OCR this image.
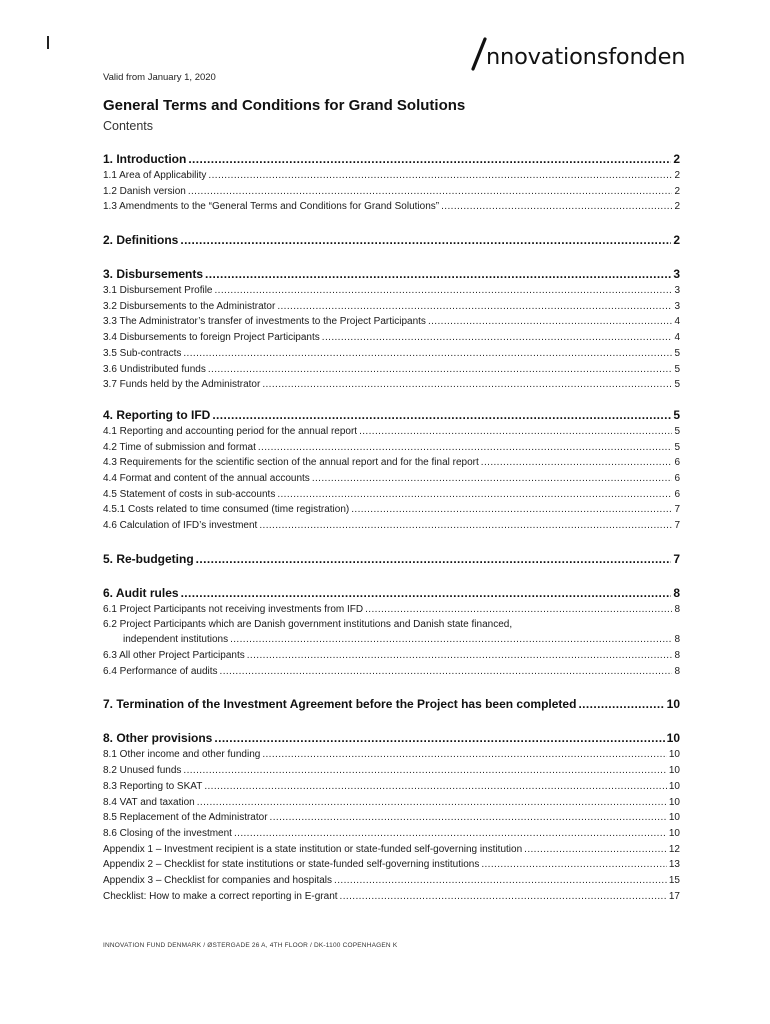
nnovationsfonden
Valid from January 1, 2020
General Terms and Conditions for Grand Solutions
Contents
1. Introduction .....	2
1.1 Area of Applicability .....	2
1.2 Danish version .....	2
1.3 Amendments to the “General Terms and Conditions for Grand Solutions” .....	2
2. Definitions .....	2
3. Disbursements .....	3
3.1 Disbursement Profile .....	3
3.2 Disbursements to the Administrator .....	3
3.3 The Administrator’s transfer of investments to the Project Participants .....	4
3.4 Disbursements to foreign Project Participants .....	4
3.5 Sub-contracts .....	5
3.6 Undistributed funds .....	5
3.7 Funds held by the Administrator .....	5
4. Reporting to IFD .....	5
4.1 Reporting and accounting period for the annual report .....	5
4.2 Time of submission and format .....	5
4.3 Requirements for the scientific section of the annual report and for the final report .....	6
4.4 Format and content of the annual accounts .....	6
4.5 Statement of costs in sub-accounts .....	6
4.5.1 Costs related to time consumed (time registration) .....	7
4.6 Calculation of IFD’s investment .....	7
5. Re-budgeting .....	7
6. Audit rules .....	8
6.1 Project Participants not receiving investments from IFD .....	8
6.2 Project Participants which are Danish government institutions and Danish state financed,
independent institutions .....	8
6.3 All other Project Participants .....	8
6.4 Performance of audits .....	8
7. Termination of the Investment Agreement before the Project has been completed .....	10
8. Other provisions .....	10
8.1 Other income and other funding .....	10
8.2 Unused funds .....	10
8.3 Reporting to SKAT .....	10
8.4 VAT and taxation .....	10
8.5 Replacement of the Administrator .....	10
8.6 Closing of the investment .....	10
Appendix 1 – Investment recipient is a state institution or state-funded self-governing institution .....	12
Appendix 2 – Checklist for state institutions or state-funded self-governing institutions .....	13
Appendix 3 – Checklist for companies and hospitals .....	15
Checklist: How to make a correct reporting in E-grant .....	17
INNOVATION FUND DENMARK / ØSTERGADE 26 A, 4TH FLOOR / DK-1100 COPENHAGEN K
